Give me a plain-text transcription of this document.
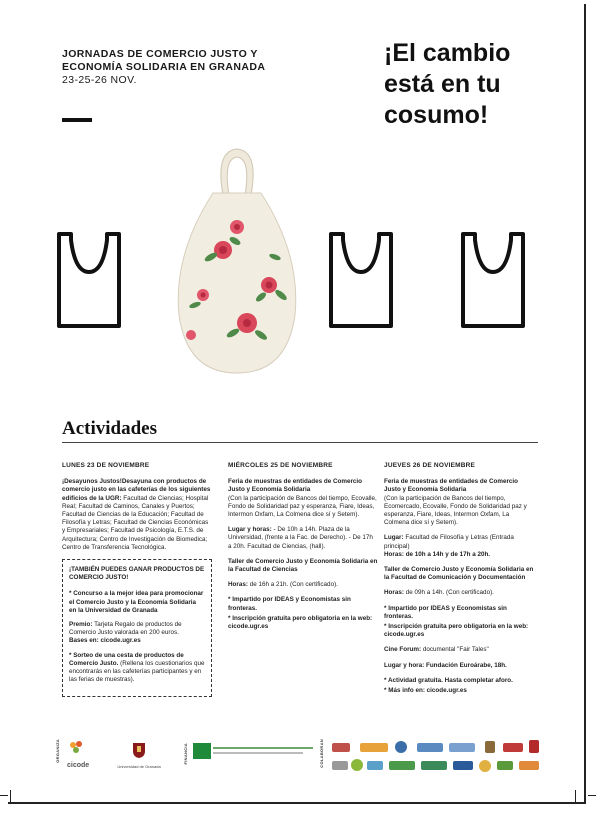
JORNADAS DE COMERCIO JUSTO Y
ECONOMÍA SOLIDARIA EN GRANADA
23-25-26 NOV.
¡El cambio
está en tu
cosumo!
Actividades
LUNES 23 DE NOVIEMBRE

¡Desayunos Justos!Desayuna con productos de comercio justo en las cafeterías de los siguientes edificios de la UGR: Facultad de Ciencias; Hospital Real; Facultad de Caminos, Canales y Puertos; Facultad de Ciencias de la Educación; Facultad de Filosofía y Letras; Facultad de Ciencias Económicas y Empresariales; Facultad de Psicología, E.T.S. de Arquitectura; Centro de Investigación de Biomedica; Centro de Transferencia Tecnológica.

¡TAMBIÉN PUEDES GANAR PRODUCTOS DE COMERCIO JUSTO!

* Concurso a la mejor idea para promocionar el Comercio Justo y la Economía Solidaria en la Universidad de Granada

Premio: Tarjeta Regalo de productos de Comercio Justo valorada en 200 euros.
Bases en: cicode.ugr.es

* Sorteo de una cesta de productos de Comercio Justo. (Rellena los cuestionarios que encontrarás en las cafeterías participantes y en las ferias de muestras).

MIÉRCOLES 25 DE NOVIEMBRE

Feria de muestras de entidades de Comercio Justo y Economía Solidaria
(Con la participación de Bancos del tiempo, Ecovalle, Fondo de Solidaridad paz y esperanza, Fiare, Ideas, Intermon Oxfam, La Colmena dice sí y Setem).

Lugar y horas: - De 10h a 14h. Plaza de la Universidad, (frente a la Fac. de Derecho). - De 17h a 20h. Facultad de Ciencias, (hall).

Taller de Comercio Justo y Economía Solidaria en la Facultad de Ciencias

Horas: de 16h a 21h. (Con certificado).

* Impartido por IDEAS y Economistas sin fronteras.

* Inscripción gratuita pero obligatoria en la web: cicode.ugr.es

JUEVES 26 DE NOVIEMBRE

Feria de muestras de entidades de Comercio Justo y Economía Solidaria
(Con la participación de Bancos del tiempo, Ecomercado, Ecovalle, Fondo de Solidaridad paz y esperanza, Fiare, Ideas, Intermon Oxfam, La Colmena dice sí y Setem).

Lugar: Facultad de Filosofía y Letras (Entrada principal)
Horas: de 10h a 14h y de 17h a 20h.

Taller de Comercio Justo y Economía Solidaria en la Facultad de Comunicación y Documentación

Horas: de 09h a 14h. (Con certificado).

* Impartido por IDEAS y Economistas sin fronteras.

* Inscripción gratuita pero obligatoria en la web: cicode.ugr.es

Cine Forum: documental "Fair Tales"

Lugar y hora: Fundación Euroárabe, 18h.

* Actividad gratuita. Hasta completar aforo.

* Más info en: cicode.ugr.es

ORGANIZA
cicode	Universidad de Granada
FINANCIA	COLABORAN
